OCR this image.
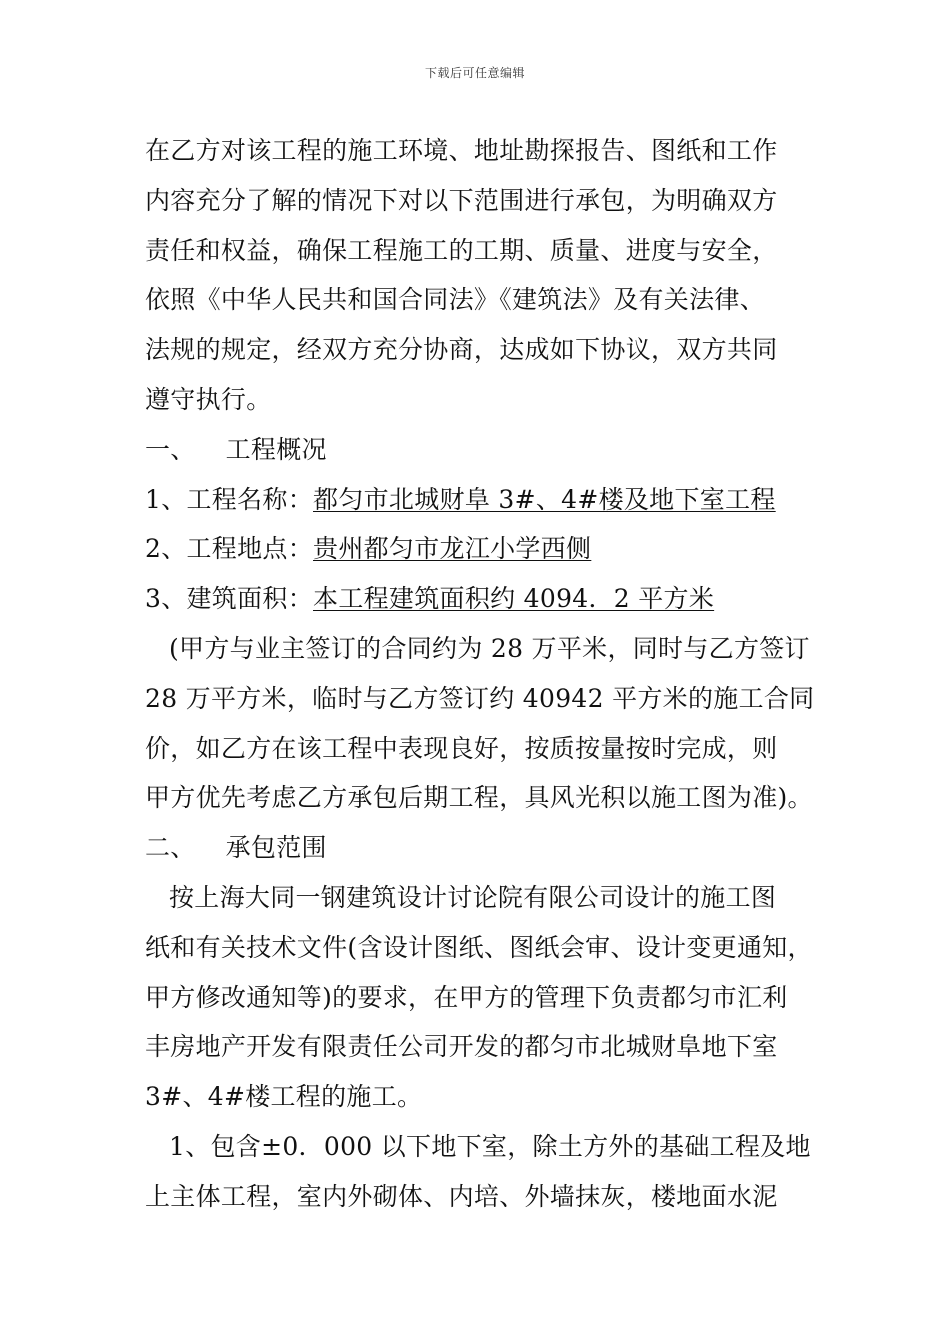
下载后可任意编辑
在乙方对该工程的施工环境、地址勘探报告、图纸和工作
内容充分了解的情况下对以下范围进行承包，为明确双方
责任和权益，确保工程施工的工期、质量、进度与安全，
依照《中华人民共和国合同法》《建筑法》及有关法律、
法规的规定，经双方充分协商，达成如下协议，双方共同
遵守执行。
一、 工程概况
1、工程名称：都匀市北城财阜 3#、4#楼及地下室工程
2、工程地点：贵州都匀市龙江小学西侧
3、建筑面积：本工程建筑面积约 4094．2 平方米
(甲方与业主签订的合同约为 28 万平米，同时与乙方签订
28 万平方米，临时与乙方签订约 40942 平方米的施工合同
价，如乙方在该工程中表现良好，按质按量按时完成，则
甲方优先考虑乙方承包后期工程，具风光积以施工图为准)。
二、 承包范围
按上海大同一钢建筑设计讨论院有限公司设计的施工图
纸和有关技术文件(含设计图纸、图纸会审、设计变更通知，
甲方修改通知等)的要求，在甲方的管理下负责都匀市汇利
丰房地产开发有限责任公司开发的都匀市北城财阜地下室
3#、4#楼工程的施工。
1、包含±0．000 以下地下室，除土方外的基础工程及地
上主体工程，室内外砌体、内培、外墙抹灰，楼地面水泥
